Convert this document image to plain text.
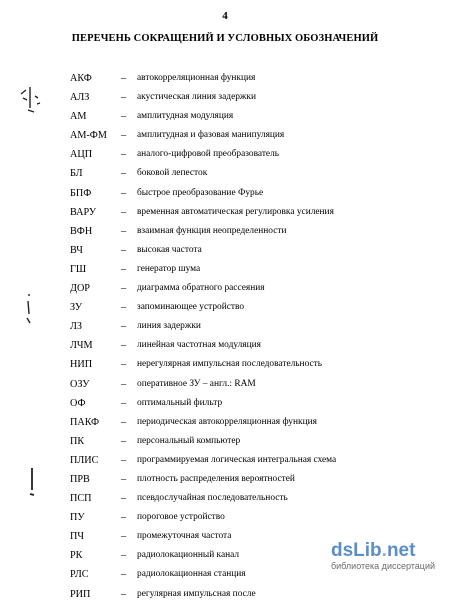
4
ПЕРЕЧЕНЬ СОКРАЩЕНИЙ И УСЛОВНЫХ ОБОЗНАЧЕНИЙ
АКФ	– автокорреляционная функция
АЛЗ	– акустическая линия задержки
АМ	– амплитудная модуляция
АМ-ФМ – амплитудная и фазовая манипуляция
АЦП	– аналого-цифровой преобразователь
БЛ	– боковой лепесток
БПФ	– быстрое преобразование Фурье
ВАРУ – временная автоматическая регулировка усиления
ВФН	– взаимная функция неопределенности
ВЧ	– высокая частота
ГШ	– генератор шума
ДОР	– диаграмма обратного рассеяния
ЗУ	– запоминающее устройство
ЛЗ	– линия задержки
ЛЧМ	– линейная частотная модуляция
НИП	– нерегулярная импульсная последовательность
ОЗУ	– оперативное ЗУ – англ.: RAM
ОФ	– оптимальный фильтр
ПАКФ – периодическая автокорреляционная функция
ПК	– персональный компьютер
ПЛИС – программируемая логическая интегральная схема
ПРВ	– плотность распределения вероятностей
ПСП	– псевдослучайная последовательность
ПУ	– пороговое устройство
ПЧ	– промежуточная частота
РК	– радиолокационный канал
РЛС	– радиолокационная станция
РИП	– регулярная импульсная после
dsLib.net
библиотека диссертаций
